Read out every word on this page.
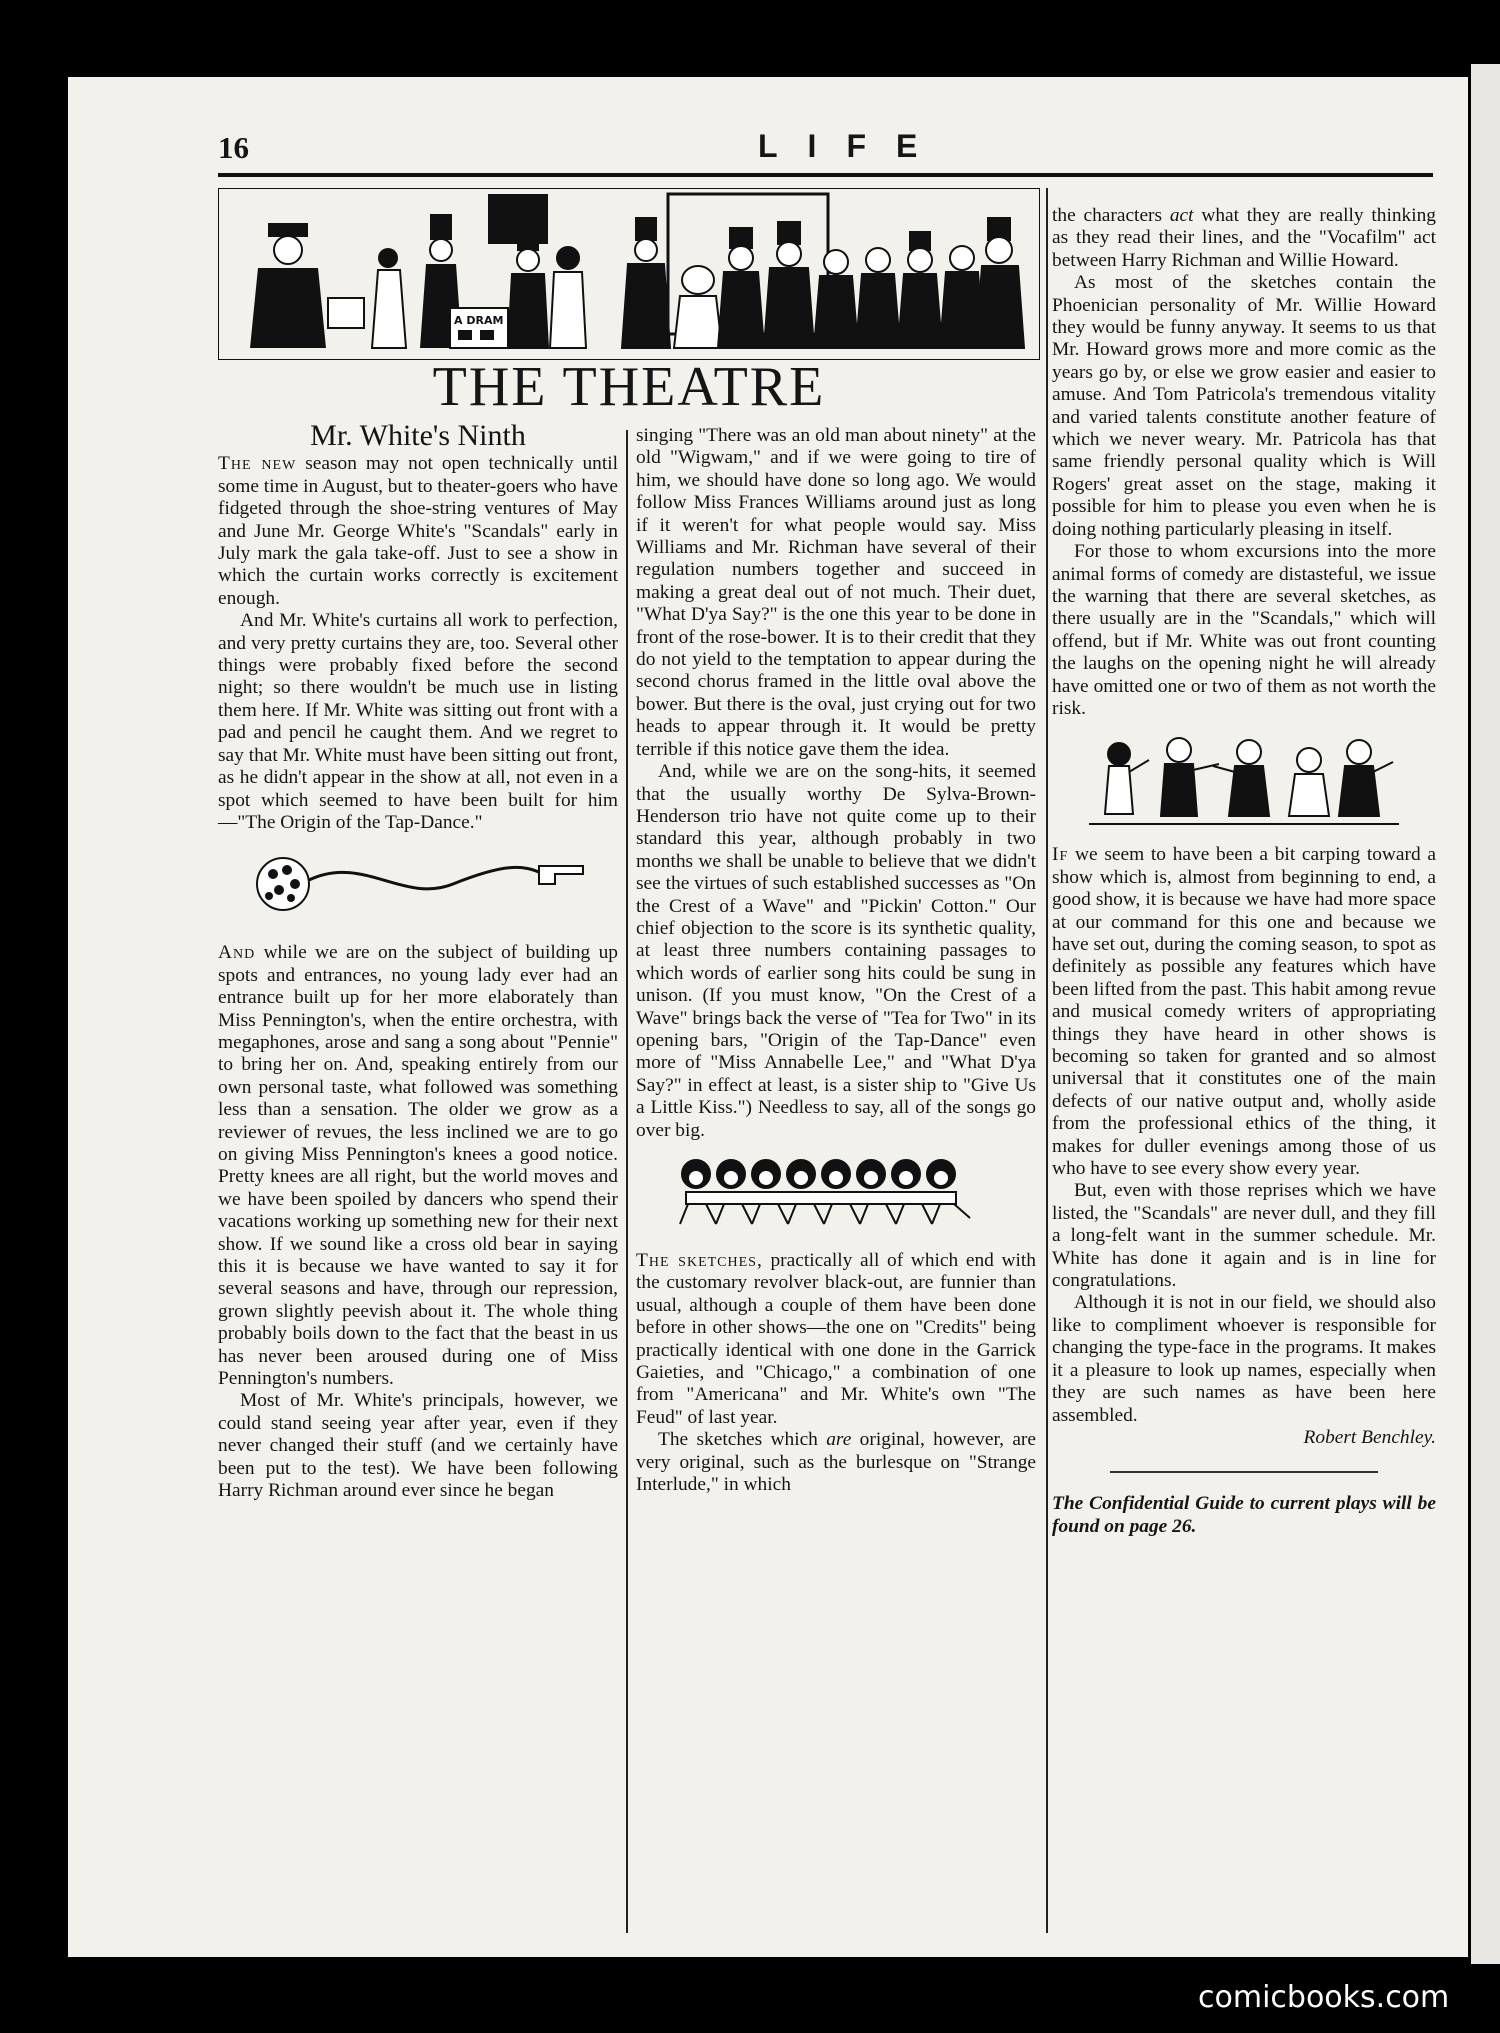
16	LIFE
A DRAM
THE THEATRE
Mr. White's Ninth

The new season may not open technically until some time in August, but to theater-goers who have fidgeted through the shoe-string ventures of May and June Mr. George White's "Scandals" early in July mark the gala take-off. Just to see a show in which the curtain works correctly is excitement enough.

And Mr. White's curtains all work to perfection, and very pretty curtains they are, too. Several other things were probably fixed before the second night; so there wouldn't be much use in listing them here. If Mr. White was sitting out front with a pad and pencil he caught them. And we regret to say that Mr. White must have been sitting out front, as he didn't appear in the show at all, not even in a spot which seemed to have been built for him—"The Origin of the Tap-Dance."

And while we are on the subject of building up spots and entrances, no young lady ever had an entrance built up for her more elaborately than Miss Pennington's, when the entire orchestra, with megaphones, arose and sang a song about "Pennie" to bring her on. And, speaking entirely from our own personal taste, what followed was something less than a sensation. The older we grow as a reviewer of revues, the less inclined we are to go on giving Miss Pennington's knees a good notice. Pretty knees are all right, but the world moves and we have been spoiled by dancers who spend their vacations working up something new for their next show. If we sound like a cross old bear in saying this it is because we have wanted to say it for several seasons and have, through our repression, grown slightly peevish about it. The whole thing probably boils down to the fact that the beast in us has never been aroused during one of Miss Pennington's numbers.

Most of Mr. White's principals, however, we could stand seeing year after year, even if they never changed their stuff (and we certainly have been put to the test). We have been following Harry Richman around ever since he began

singing "There was an old man about ninety" at the old "Wigwam," and if we were going to tire of him, we should have done so long ago. We would follow Miss Frances Williams around just as long if it weren't for what people would say. Miss Williams and Mr. Richman have several of their regulation numbers together and succeed in making a great deal out of not much. Their duet, "What D'ya Say?" is the one this year to be done in front of the rose-bower. It is to their credit that they do not yield to the temptation to appear during the second chorus framed in the little oval above the bower. But there is the oval, just crying out for two heads to appear through it. It would be pretty terrible if this notice gave them the idea.

And, while we are on the song-hits, it seemed that the usually worthy De Sylva-Brown-Henderson trio have not quite come up to their standard this year, although probably in two months we shall be unable to believe that we didn't see the virtues of such established successes as "On the Crest of a Wave" and "Pickin' Cotton." Our chief objection to the score is its synthetic quality, at least three numbers containing passages to which words of earlier song hits could be sung in unison. (If you must know, "On the Crest of a Wave" brings back the verse of "Tea for Two" in its opening bars, "Origin of the Tap-Dance" even more of "Miss Annabelle Lee," and "What D'ya Say?" in effect at least, is a sister ship to "Give Us a Little Kiss.") Needless to say, all of the songs go over big.

The sketches, practically all of which end with the customary revolver black-out, are funnier than usual, although a couple of them have been done before in other shows—the one on "Credits" being practically identical with one done in the Garrick Gaieties, and "Chicago," a combination of one from "Americana" and Mr. White's own "The Feud" of last year.

The sketches which are original, however, are very original, such as the burlesque on "Strange Interlude," in which

the characters act what they are really thinking as they read their lines, and the "Vocafilm" act between Harry Richman and Willie Howard.

As most of the sketches contain the Phoenician personality of Mr. Willie Howard they would be funny anyway. It seems to us that Mr. Howard grows more and more comic as the years go by, or else we grow easier and easier to amuse. And Tom Patricola's tremendous vitality and varied talents constitute another feature of which we never weary. Mr. Patricola has that same friendly personal quality which is Will Rogers' great asset on the stage, making it possible for him to please you even when he is doing nothing particularly pleasing in itself.

For those to whom excursions into the more animal forms of comedy are distasteful, we issue the warning that there are several sketches, as there usually are in the "Scandals," which will offend, but if Mr. White was out front counting the laughs on the opening night he will already have omitted one or two of them as not worth the risk.

If we seem to have been a bit carping toward a show which is, almost from beginning to end, a good show, it is because we have had more space at our command for this one and because we have set out, during the coming season, to spot as definitely as possible any features which have been lifted from the past. This habit among revue and musical comedy writers of appropriating things they have heard in other shows is becoming so taken for granted and so almost universal that it constitutes one of the main defects of our native output and, wholly aside from the professional ethics of the thing, it makes for duller evenings among those of us who have to see every show every year.

But, even with those reprises which we have listed, the "Scandals" are never dull, and they fill a long-felt want in the summer schedule. Mr. White has done it again and is in line for congratulations.

Although it is not in our field, we should also like to compliment whoever is responsible for changing the type-face in the programs. It makes it a pleasure to look up names, especially when they are such names as have been here assembled.

Robert Benchley.
The Confidential Guide to current plays will be found on page 26.
comicbooks.com
